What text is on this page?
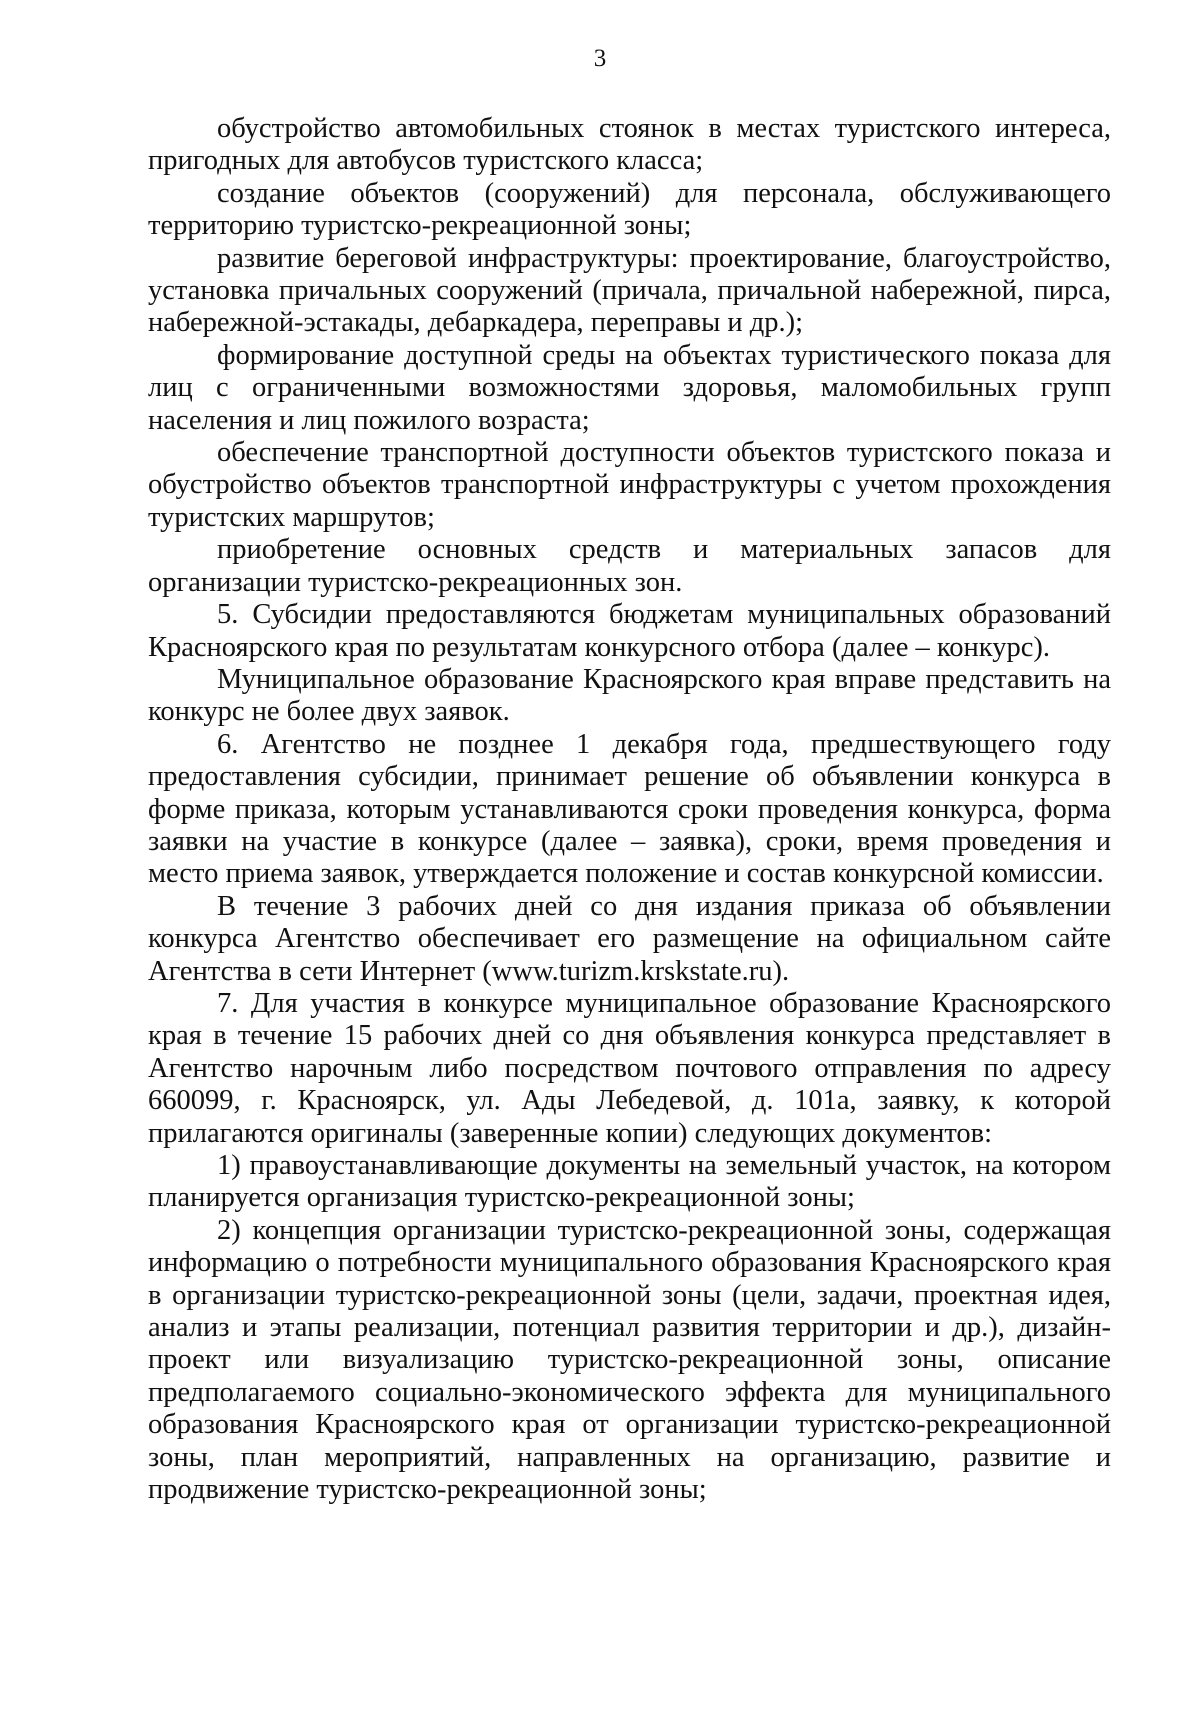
3

обустройство автомобильных стоянок в местах туристского интереса, пригодных для автобусов туристского класса;

создание объектов (сооружений) для персонала, обслуживающего территорию туристско-рекреационной зоны;

развитие береговой инфраструктуры: проектирование, благоустройство, установка причальных сооружений (причала, причальной набережной, пирса, набережной-эстакады, дебаркадера, переправы и др.);

формирование доступной среды на объектах туристического показа для лиц с ограниченными возможностями здоровья, маломобильных групп населения и лиц пожилого возраста;

обеспечение транспортной доступности объектов туристского показа и обустройство объектов транспортной инфраструктуры с учетом прохождения туристских маршрутов;

приобретение основных средств и материальных запасов для организации туристско-рекреационных зон.

5. Субсидии предоставляются бюджетам муниципальных образований Красноярского края по результатам конкурсного отбора (далее – конкурс).

Муниципальное образование Красноярского края вправе представить на конкурс не более двух заявок.

6. Агентство не позднее 1 декабря года, предшествующего году предоставления субсидии, принимает решение об объявлении конкурса в форме приказа, которым устанавливаются сроки проведения конкурса, форма заявки на участие в конкурсе (далее – заявка), сроки, время проведения и место приема заявок, утверждается положение и состав конкурсной комиссии.

В течение 3 рабочих дней со дня издания приказа об объявлении конкурса Агентство обеспечивает его размещение на официальном сайте Агентства в сети Интернет (www.turizm.krskstate.ru).

7. Для участия в конкурсе муниципальное образование Красноярского края в течение 15 рабочих дней со дня объявления конкурса представляет в Агентство нарочным либо посредством почтового отправления по адресу 660099, г. Красноярск, ул. Ады Лебедевой, д. 101а, заявку, к которой прилагаются оригиналы (заверенные копии) следующих документов:

1) правоустанавливающие документы на земельный участок, на котором планируется организация туристско-рекреационной зоны;

2) концепция организации туристско-рекреационной зоны, содержащая информацию о потребности муниципального образования Красноярского края в организации туристско-рекреационной зоны (цели, задачи, проектная идея, анализ и этапы реализации, потенциал развития территории и др.), дизайн-проект или визуализацию туристско-рекреационной зоны, описание предполагаемого социально-экономического эффекта для муниципального образования Красноярского края от организации туристско-рекреационной зоны, план мероприятий, направленных на организацию, развитие и продвижение туристско-рекреационной зоны;
